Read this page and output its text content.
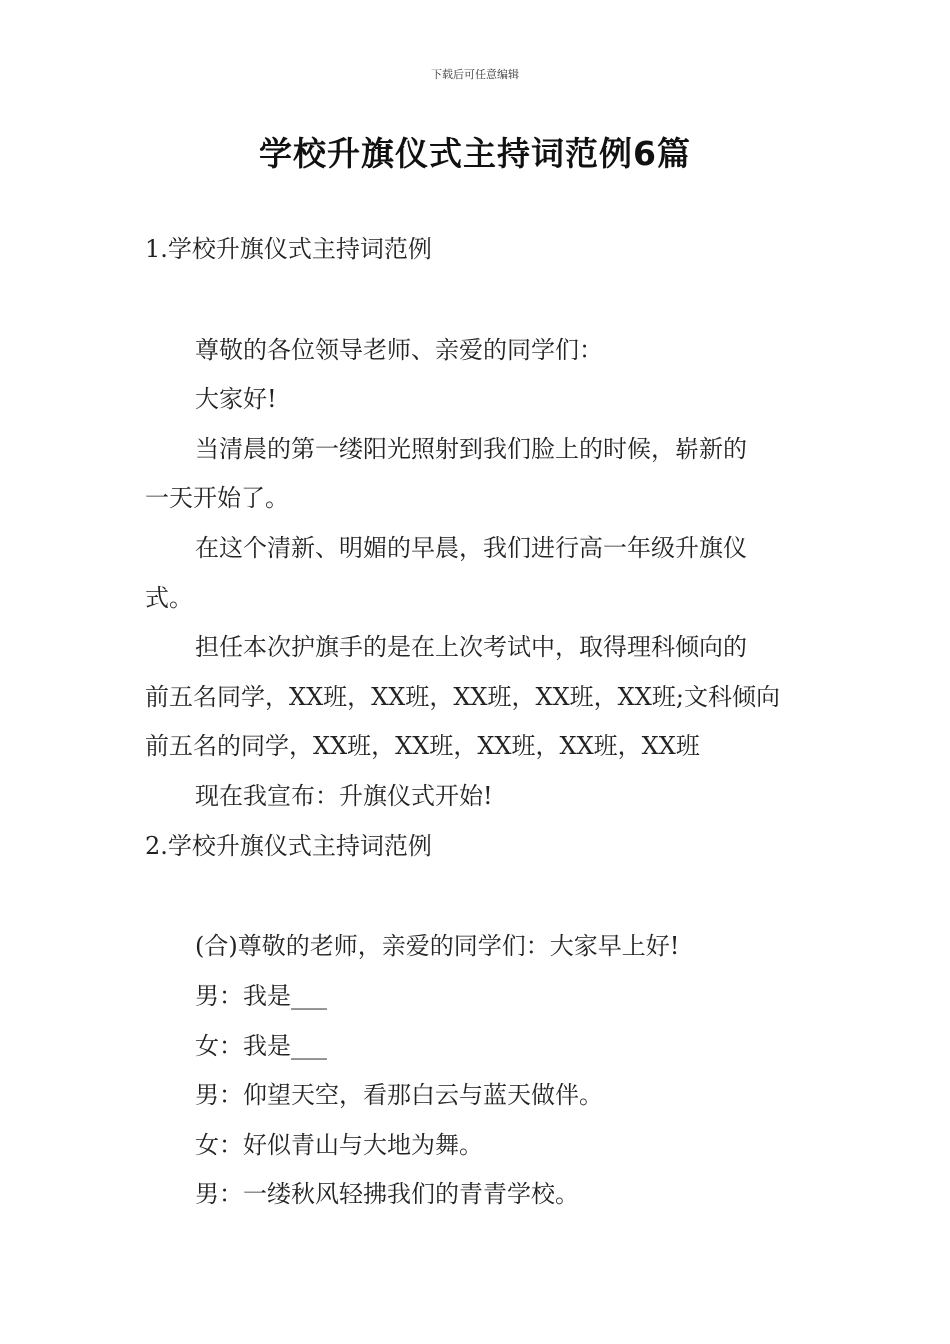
下载后可任意编辑
学校升旗仪式主持词范例6篇
1.学校升旗仪式主持词范例
尊敬的各位领导老师、亲爱的同学们：
大家好!
当清晨的第一缕阳光照射到我们脸上的时候，崭新的
一天开始了。
在这个清新、明媚的早晨，我们进行高一年级升旗仪
式。
担任本次护旗手的是在上次考试中，取得理科倾向的
前五名同学，XX班，XX班，XX班，XX班，XX班;文科倾向
前五名的同学，XX班，XX班，XX班，XX班，XX班
现在我宣布：升旗仪式开始!
2.学校升旗仪式主持词范例
(合)尊敬的老师，亲爱的同学们：大家早上好!
男：我是___
女：我是___
男：仰望天空，看那白云与蓝天做伴。
女：好似青山与大地为舞。
男：一缕秋风轻拂我们的青青学校。
